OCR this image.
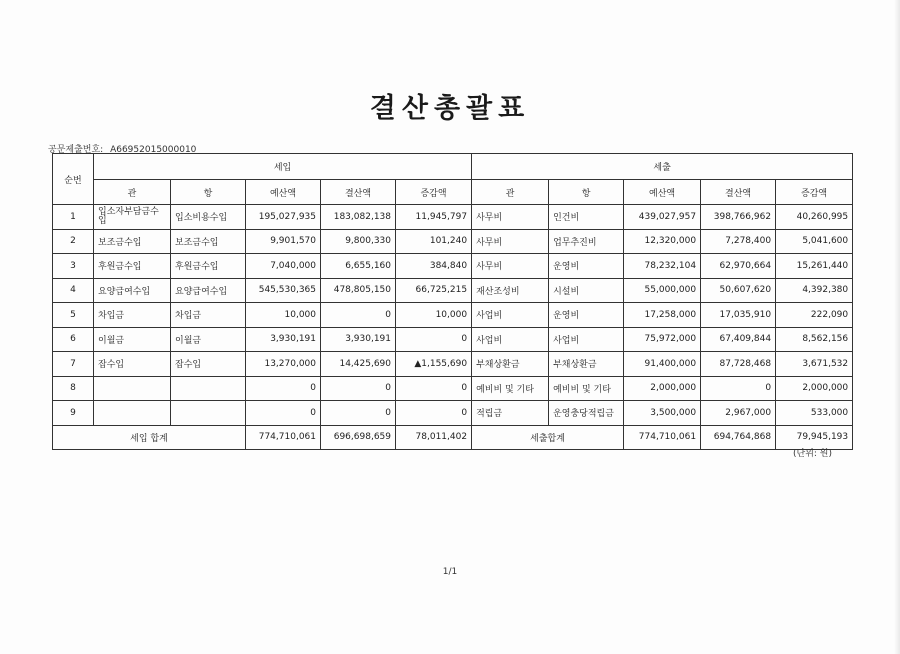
결산총괄표
공문제출번호: A66952015000010
순번	세입					세출				
	관	항	예산액	결산액	증감액	관	항	예산액	결산액	증감액
1	입소자부담금수입	입소비용수입	195,027,935	183,082,138	11,945,797	사무비	인건비	439,027,957	398,766,962	40,260,995
2	보조금수입	보조금수입	9,901,570	9,800,330	101,240	사무비	업무추진비	12,320,000	7,278,400	5,041,600
3	후원금수입	후원금수입	7,040,000	6,655,160	384,840	사무비	운영비	78,232,104	62,970,664	15,261,440
4	요양급여수입	요양급여수입	545,530,365	478,805,150	66,725,215	재산조성비	시설비	55,000,000	50,607,620	4,392,380
5	차입금	차입금	10,000	0	10,000	사업비	운영비	17,258,000	17,035,910	222,090
6	이월금	이월금	3,930,191	3,930,191	0	사업비	사업비	75,972,000	67,409,844	8,562,156
7	잡수입	잡수입	13,270,000	14,425,690	▲1,155,690	부채상환금	부채상환금	91,400,000	87,728,468	3,671,532
8			0	0	0	예비비 및 기타	예비비 및 기타	2,000,000	0	2,000,000
9			0	0	0	적립금	운영충당적립금	3,500,000	2,967,000	533,000
세입 합계			774,710,061	696,698,659	78,011,402	세출합계		774,710,061	694,764,868	79,945,193
(단위: 원)
1/1
